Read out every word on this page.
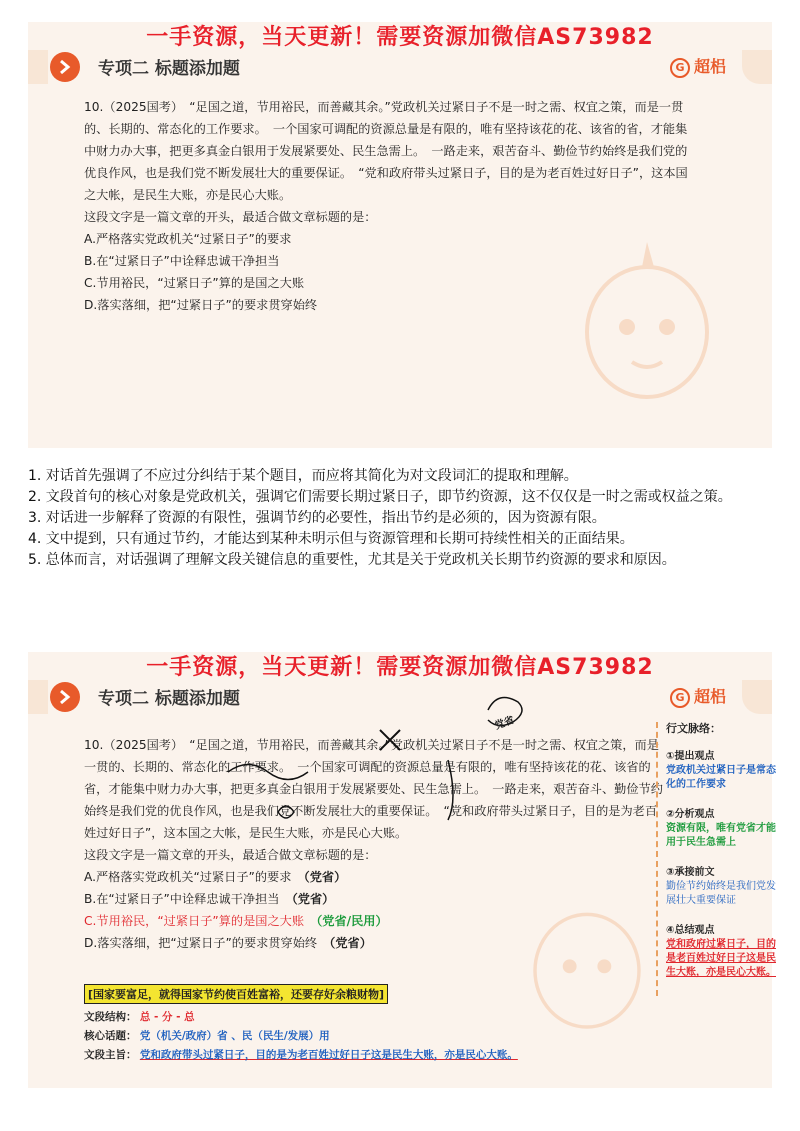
一手资源，当天更新！需要资源加微信AS73982
专项二 标题添加题	G 超梠

10.（2025国考）　“足国之道，节用裕民，而善藏其余。”党政机关过紧日子不是一时之需、权宜之策，而是一贯的、长期的、常态化的工作要求。　一个国家可调配的资源总量是有限的，唯有坚持该花的花、该省的省，才能集中财力办大事，把更多真金白银用于发展紧要处、民生急需上。　一路走来，艰苦奋斗、勤俭节约始终是我们党的优良作风，也是我们党不断发展壮大的重要保证。　“党和政府带头过紧日子，目的是为老百姓过好日子”，这本国之大帐，是民生大账，亦是民心大账。

这段文字是一篇文章的开头，最适合做文章标题的是：

A.严格落实党政机关“过紧日子”的要求

B.在“过紧日子”中诠释忠诚干净担当

C.节用裕民，“过紧日子”算的是国之大账

D.落实落细，把“过紧日子”的要求贯穿始终

1. 对话首先强调了不应过分纠结于某个题目，而应将其简化为对文段词汇的提取和理解。
2. 文段首句的核心对象是党政机关，强调它们需要长期过紧日子，即节约资源，这不仅仅是一时之需或权益之策。
3. 对话进一步解释了资源的有限性，强调节约的必要性，指出节约是必须的，因为资源有限。
4. 文中提到，只有通过节约，才能达到某种未明示但与资源管理和长期可持续性相关的正面结果。
5. 总体而言，对话强调了理解文段关键信息的重要性，尤其是关于党政机关长期节约资源的要求和原因。
一手资源，当天更新！需要资源加微信AS73982
专项二 标题添加题	G 超梠

10.（2025国考）　“足国之道，节用裕民，而善藏其余。”党政机关过紧日子不是一时之需、权宜之策，而是一贯的、长期的、常态化的工作要求。　一个国家可调配的资源总量是有限的，唯有坚持该花的花、该省的省，才能集中财力办大事，把更多真金白银用于发展紧要处、民生急需上。　一路走来，艰苦奋斗、勤俭节约始终是我们党的优良作风，也是我们党不断发展壮大的重要保证。　“党和政府带头过紧日子，目的是为老百姓过好日子”，这本国之大帐，是民生大账，亦是民心大账。

这段文字是一篇文章的开头，最适合做文章标题的是：

A.严格落实党政机关“过紧日子”的要求　 （党省）

B.在“过紧日子”中诠释忠诚干净担当　 （党省）

C.节用裕民，“过紧日子”算的是国之大账　 （党省/民用）

D.落实落细，把“过紧日子”的要求贯穿始终　 （党省）

[国家要富足，就得国家节约使百姓富裕，还要存好余粮财物]
文段结构： 总 - 分 - 总
核心话题： 党（机关/政府）省 、民（民生/发展）用
文段主旨： 党和政府带头过紧日子，目的是为老百姓过好日子这是民生大账，亦是民心大账。
行文脉络：
①提出观点
党政机关过紧日子是常态化的工作要求
②分析观点
资源有限，唯有党省才能用于民生急需上
③承接前文
勤俭节约始终是我们党发展壮大重要保证
④总结观点
党和政府过紧日子，目的是老百姓过好日子这是民生大账，亦是民心大账。
党省
